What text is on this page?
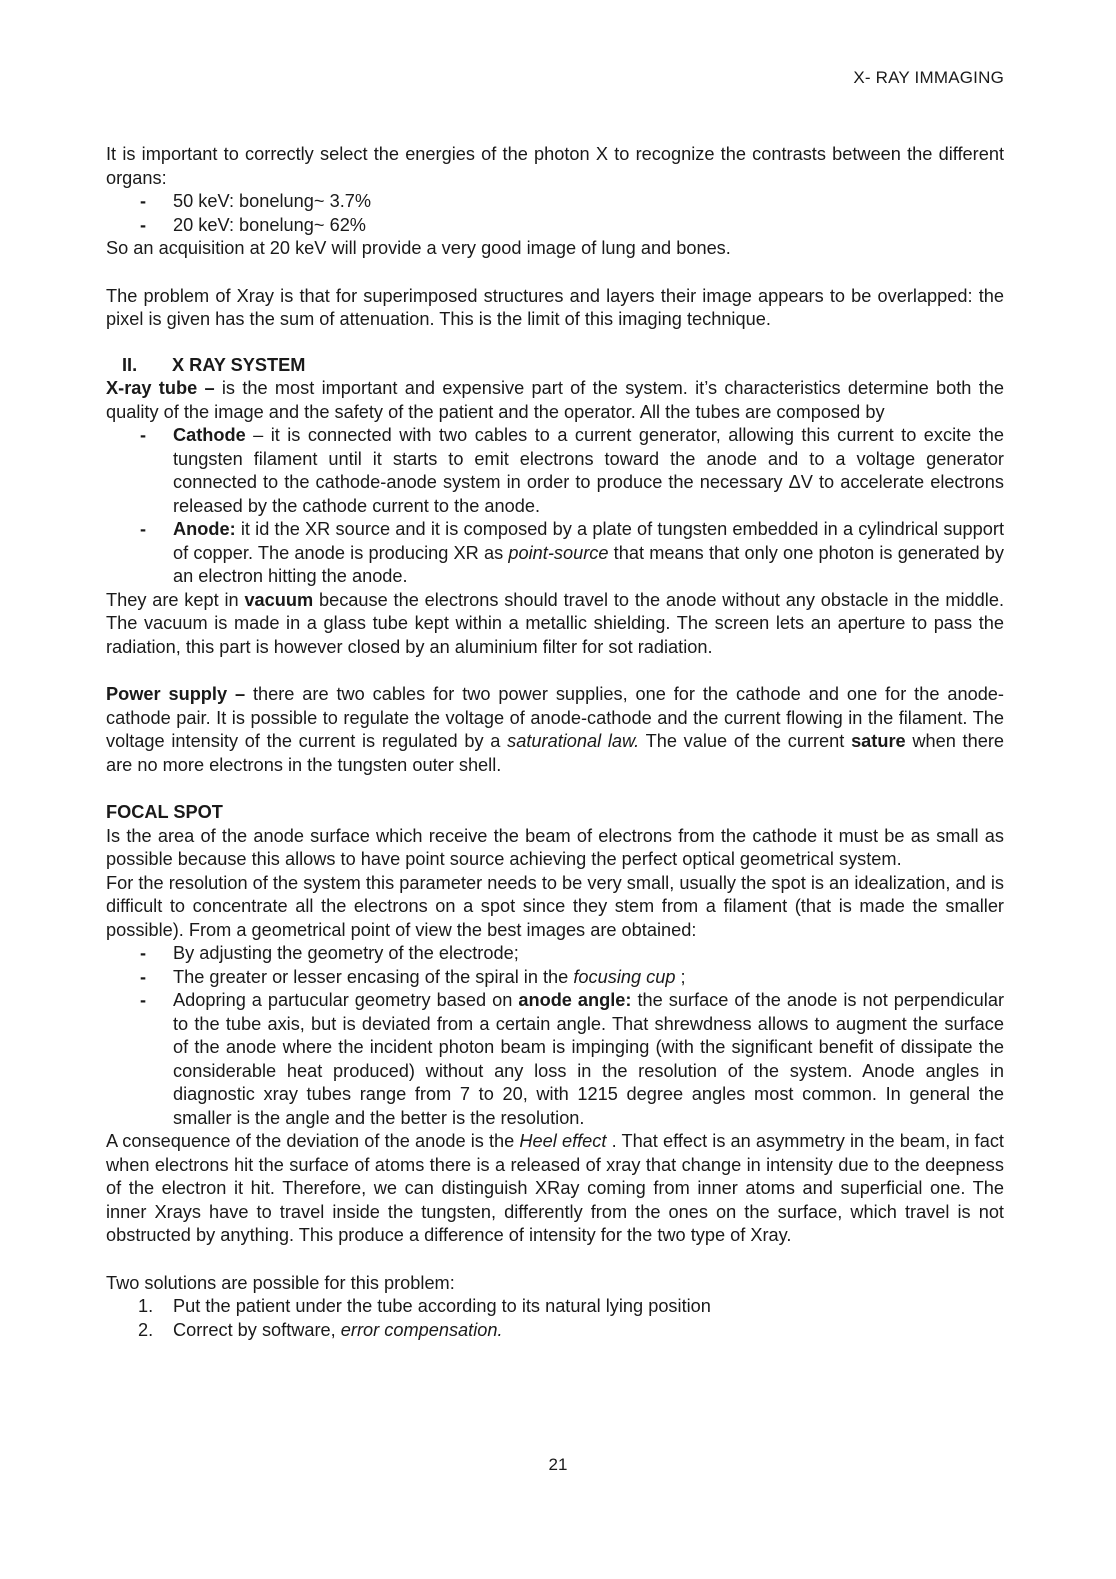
X- RAY IMMAGING

It is important to correctly select the energies of the photon X to recognize the contrasts between the different organs:

- 50 keV: bonelung~ 3.7%
- 20 keV: bonelung~ 62%

So an acquisition at 20 keV will provide a very good image of lung and bones.

The problem of Xray is that for superimposed structures and layers their image appears to be overlapped: the pixel is given has the sum of attenuation. This is the limit of this imaging technique.

II. X RAY SYSTEM

X-ray tube – is the most important and expensive part of the system. it’s characteristics determine both the quality of the image and the safety of the patient and the operator. All the tubes are composed by

- Cathode – it is connected with two cables to a current generator, allowing this current to excite the tungsten filament until it starts to emit electrons toward the anode and to a voltage generator connected to the cathode-anode system in order to produce the necessary ΔV to accelerate electrons released by the cathode current to the anode.
- Anode: it id the XR source and it is composed by a plate of tungsten embedded in a cylindrical support of copper. The anode is producing XR as point-source that means that only one photon is generated by an electron hitting the anode.

They are kept in vacuum because the electrons should travel to the anode without any obstacle in the middle. The vacuum is made in a glass tube kept within a metallic shielding. The screen lets an aperture to pass the radiation, this part is however closed by an aluminium filter for sot radiation.

Power supply – there are two cables for two power supplies, one for the cathode and one for the anode-cathode pair. It is possible to regulate the voltage of anode-cathode and the current flowing in the filament. The voltage intensity of the current is regulated by a saturational law. The value of the current sature when there are no more electrons in the tungsten outer shell.

FOCAL SPOT

Is the area of the anode surface which receive the beam of electrons from the cathode it must be as small as possible because this allows to have point source achieving the perfect optical geometrical system.

For the resolution of the system this parameter needs to be very small, usually the spot is an idealization, and is difficult to concentrate all the electrons on a spot since they stem from a filament (that is made the smaller possible). From a geometrical point of view the best images are obtained:

- By adjusting the geometry of the electrode;
- The greater or lesser encasing of the spiral in the focusing cup ;
- Adopring a partucular geometry based on anode angle: the surface of the anode is not perpendicular to the tube axis, but is deviated from a certain angle. That shrewdness allows to augment the surface of the anode where the incident photon beam is impinging (with the significant benefit of dissipate the considerable heat produced) without any loss in the resolution of the system. Anode angles in diagnostic xray tubes range from 7 to 20, with 1215 degree angles most common. In general the smaller is the angle and the better is the resolution.

A consequence of the deviation of the anode is the Heel effect . That effect is an asymmetry in the beam, in fact when electrons hit the surface of atoms there is a released of xray that change in intensity due to the deepness of the electron it hit. Therefore, we can distinguish XRay coming from inner atoms and superficial one. The inner Xrays have to travel inside the tungsten, differently from the ones on the surface, which travel is not obstructed by anything. This produce a difference of intensity for the two type of Xray.

Two solutions are possible for this problem:

1. Put the patient under the tube according to its natural lying position
2. Correct by software, error compensation.
21
